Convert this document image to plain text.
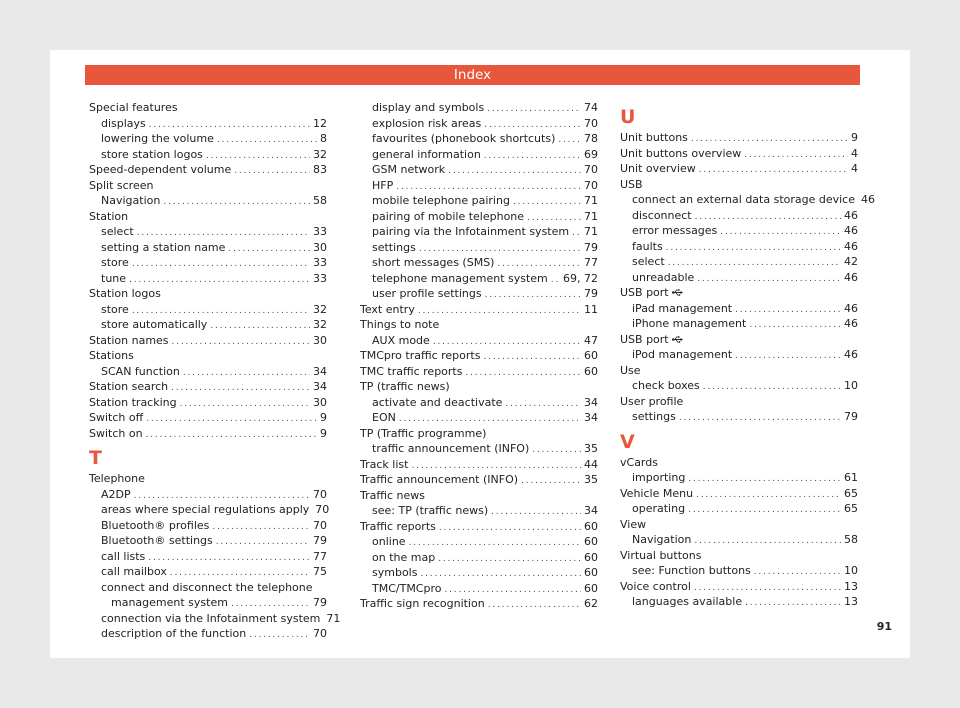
Index
Special features
displays .....	12
lowering the volume .....	8
store station logos .....	32
Speed-dependent volume .....	83
Split screen
Navigation .....	58
Station
select .....	33
setting a station name .....	30
store .....	33
tune .....	33
Station logos
store .....	32
store automatically .....	32
Station names .....	30
Stations
SCAN function .....	34
Station search .....	34
Station tracking .....	30
Switch off .....	9
Switch on .....	9
T
Telephone
A2DP .....	70
areas where special regulations apply 70
Bluetooth® profiles .....	70
Bluetooth® settings .....	79
call lists .....	77
call mailbox .....	75
connect and disconnect the telephone
management system .....	79
connection via the Infotainment system 71
description of the function .....	70
display and symbols .....	74
explosion risk areas .....	70
favourites (phonebook shortcuts) .....	78
general information .....	69
GSM network .....	70
HFP .....	70
mobile telephone pairing .....	71
pairing of mobile telephone .....	71
pairing via the Infotainment system ..... 71
settings .....	79
short messages (SMS) .....	77
telephone management system ..... 69, 72
user profile settings .....	79
Text entry .....	11
Things to note
AUX mode .....	47
TMCpro traffic reports .....	60
TMC traffic reports .....	60
TP (traffic news)
activate and deactivate .....	34
EON .....	34
TP (Traffic programme)
traffic announcement (INFO) .....	35
Track list .....	44
Traffic announcement (INFO) .....	35
Traffic news
see: TP (traffic news) .....	34
Traffic reports .....	60
online .....	60
on the map .....	60
symbols .....	60
TMC/TMCpro .....	60
Traffic sign recognition .....	62
U
Unit buttons .....	9
Unit buttons overview .....	4
Unit overview .....	4
USB
connect an external data storage device 46
disconnect .....	46
error messages .....	46
faults .....	46
select .....	42
unreadable .....	46
USB port
iPad management .....	46
iPhone management .....	46
USB port
iPod management .....	46
Use
check boxes .....	10
User profile
settings .....	79
V
vCards
importing .....	61
Vehicle Menu .....	65
operating .....	65
View
Navigation .....	58
Virtual buttons
see: Function buttons .....	10
Voice control .....	13
languages available .....	13
91
